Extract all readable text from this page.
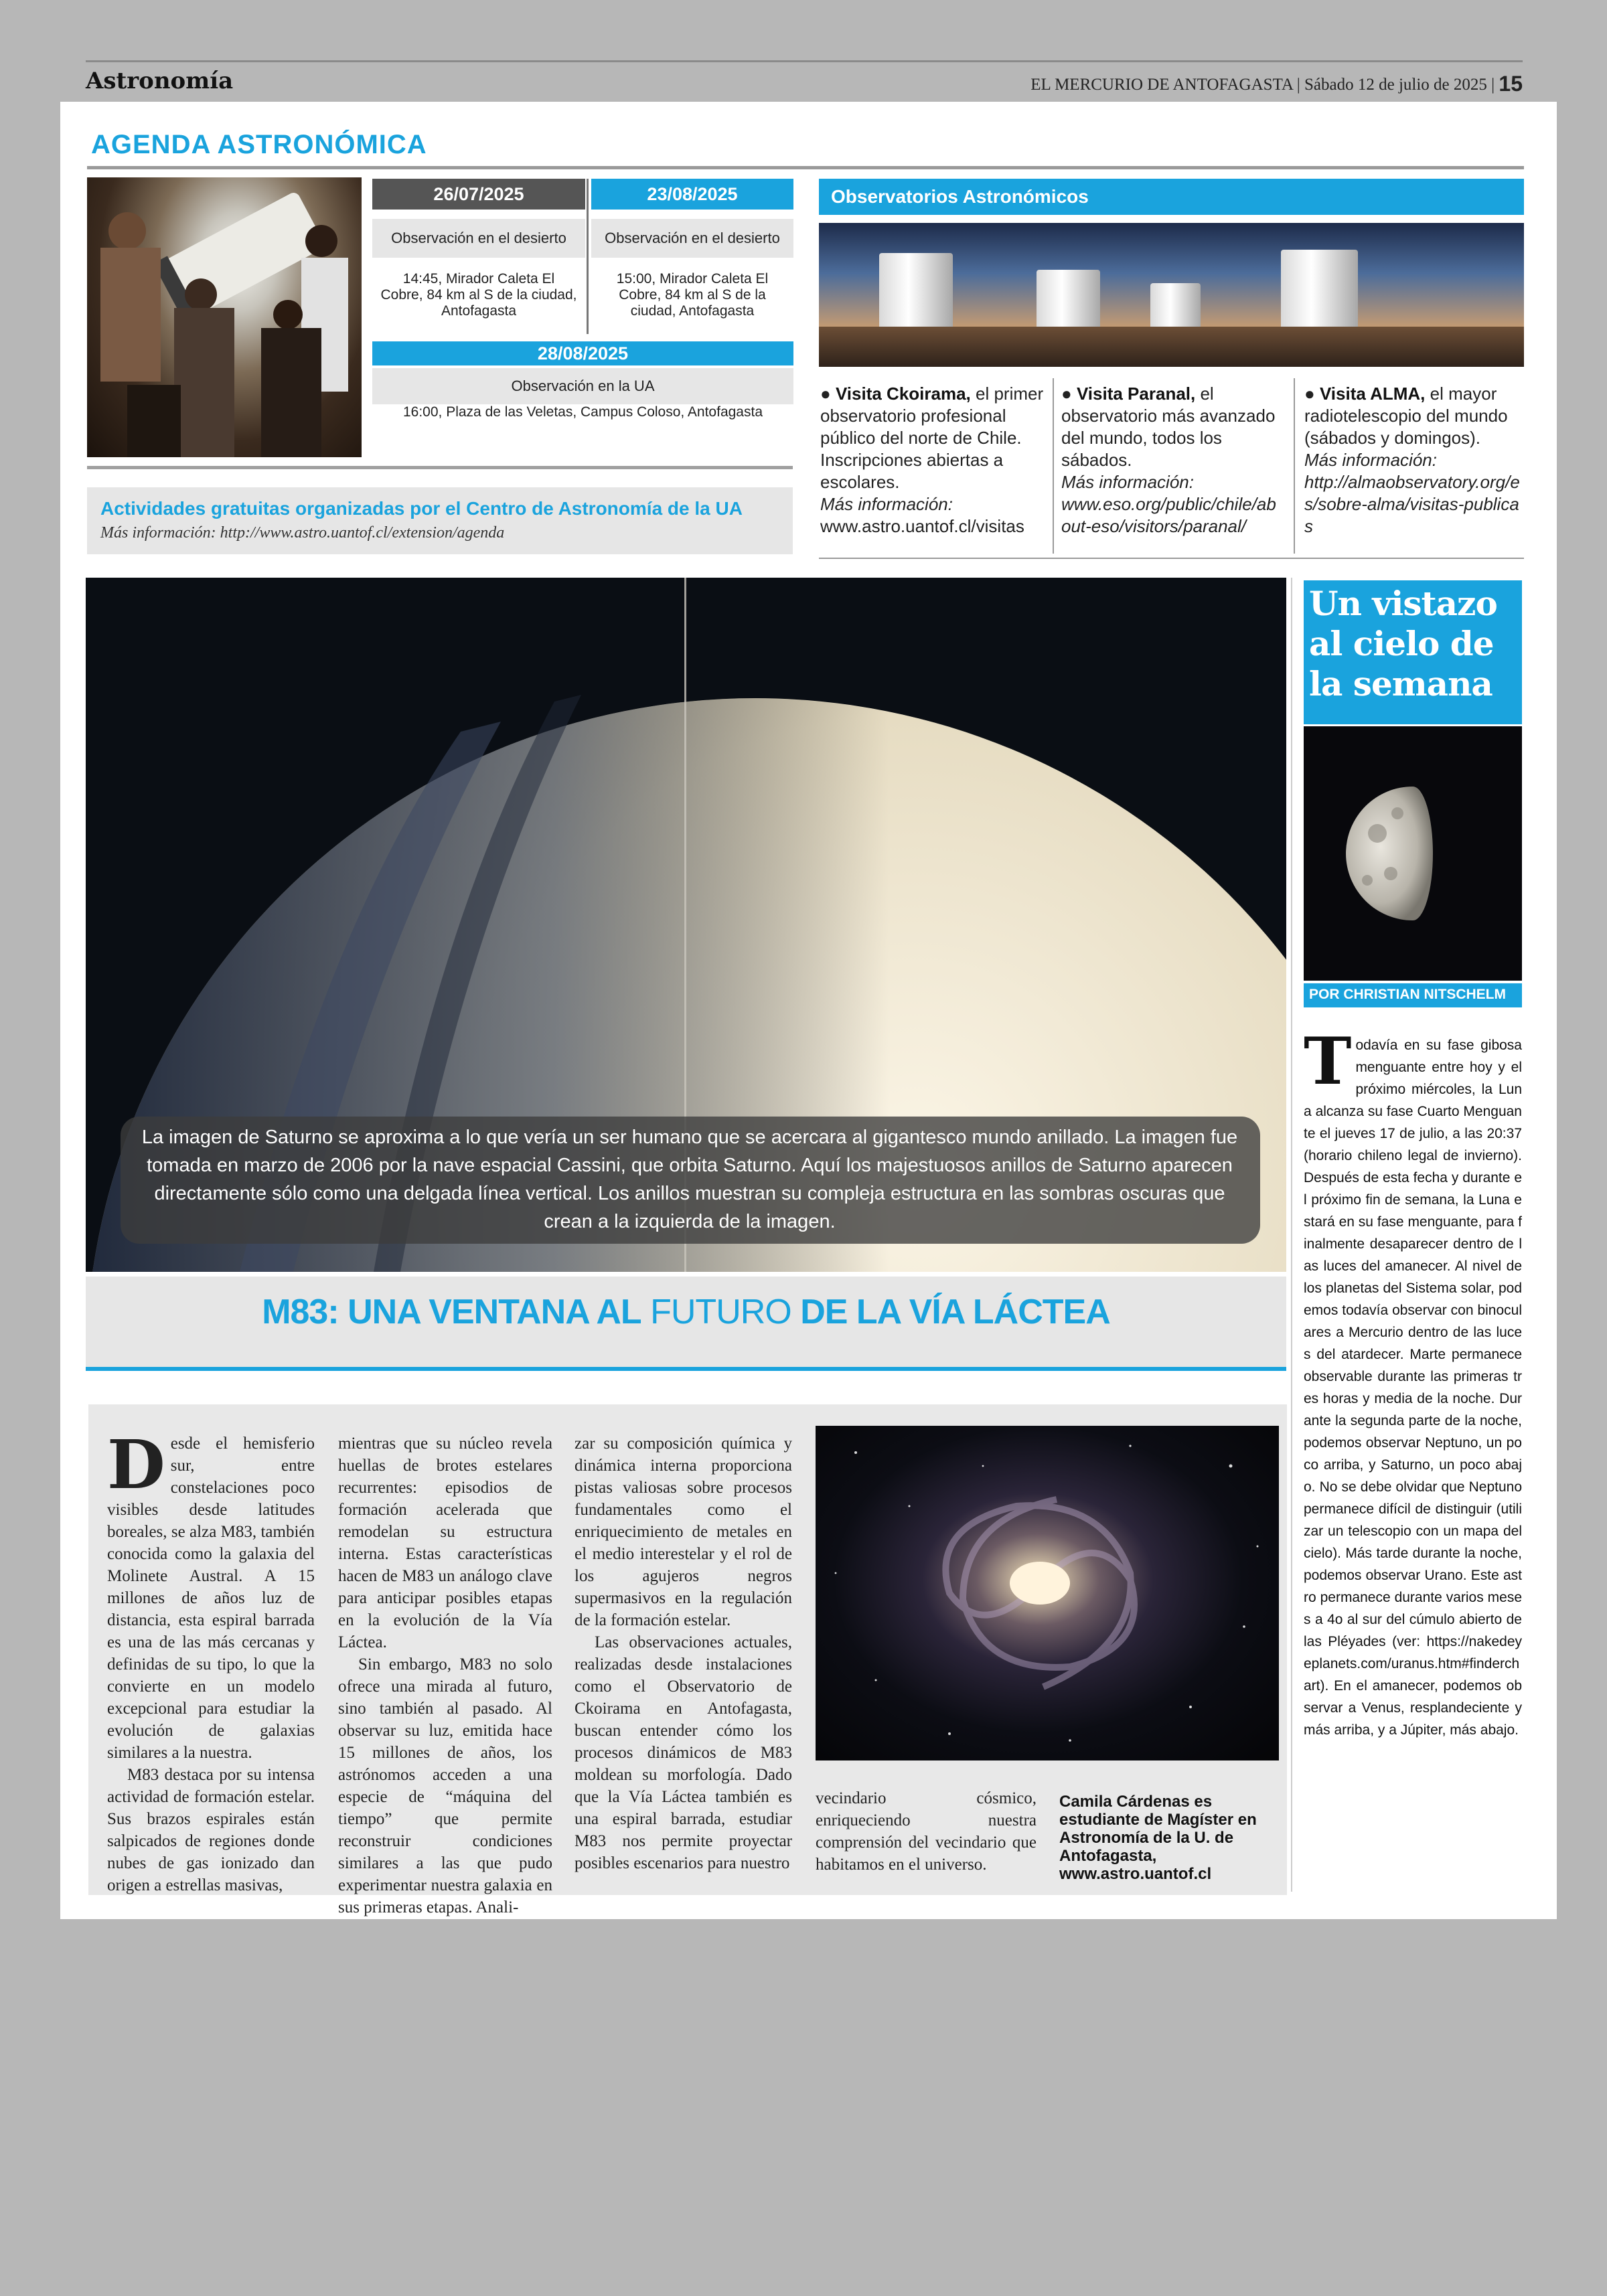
Astronomía	EL MERCURIO DE ANTOFAGASTA | Sábado 12 de julio de 2025 | 15
AGENDA ASTRONÓMICA
26/07/2025
Observación en el desierto
14:45, Mirador Caleta El Cobre, 84 km al S de la ciudad, Antofagasta
23/08/2025
Observación en el desierto
15:00, Mirador Caleta El Cobre, 84 km al S de la ciudad, Antofagasta
28/08/2025
Observación en la UA
16:00, Plaza de las Veletas, Campus Coloso, Antofagasta
Actividades gratuitas organizadas por el Centro de Astronomía de la UA
Más información: http://www.astro.uantof.cl/extension/agenda
Observatorios Astronómicos
● Visita Ckoirama, el primer observatorio profesional público del norte de Chile. Inscripciones abiertas a escolares.
Más información:
www.astro.uantof.cl/visitas
● Visita Paranal, el observatorio más avanzado del mundo, todos los sábados.
Más información:
www.eso.org/public/chile/about-eso/visitors/paranal/
● Visita ALMA, el mayor radiotelescopio del mundo (sábados y domingos).
Más información:
http://almaobservatory.org/es/sobre-alma/visitas-publicas
La imagen de Saturno se aproxima a lo que vería un ser humano que se acercara al gigantesco mundo anillado. La imagen fue tomada en marzo de 2006 por la nave espacial Cassini, que orbita Saturno. Aquí los majestuosos anillos de Saturno aparecen directamente sólo como una delgada línea vertical. Los anillos muestran su compleja estructura en las sombras oscuras que crean a la izquierda de la imagen.
M83: UNA VENTANA AL FUTURO DE LA VÍA LÁCTEA

Desde el hemisferio sur, entre constelaciones poco visibles desde latitudes boreales, se alza M83, también conocida como la galaxia del Molinete Austral. A 15 millones de años luz de distancia, esta espiral barrada es una de las más cercanas y definidas de su tipo, lo que la convierte en un modelo excepcional para estudiar la evolución de galaxias similares a la nuestra.

M83 destaca por su intensa actividad de formación estelar. Sus brazos espirales están salpicados de regiones donde nubes de gas ionizado dan origen a estrellas masivas,

mientras que su núcleo revela huellas de brotes estelares recurrentes: episodios de formación acelerada que remodelan su estructura interna. Estas características hacen de M83 un análogo clave para anticipar posibles etapas en la evolución de la Vía Láctea.

Sin embargo, M83 no solo ofrece una mirada al futuro, sino también al pasado. Al observar su luz, emitida hace 15 millones de años, los astrónomos acceden a una especie de “máquina del tiempo” que permite reconstruir condiciones similares a las que pudo experimentar nuestra galaxia en sus primeras etapas. Anali-

zar su composición química y dinámica interna proporciona pistas valiosas sobre procesos fundamentales como el enriquecimiento de metales en el medio interestelar y el rol de los agujeros negros supermasivos en la regulación de la formación estelar.

Las observaciones actuales, realizadas desde instalaciones como el Observatorio de Ckoirama en Antofagasta, buscan entender cómo los procesos dinámicos de M83 moldean su morfología. Dado que la Vía Láctea también es una espiral barrada, estudiar M83 nos permite proyectar posibles escenarios para nuestro

vecindario cósmico, enriqueciendo nuestra comprensión del vecindario que habitamos en el universo.

Camila Cárdenas es estudiante de Magíster en Astronomía de la U. de Antofagasta, www.astro.uantof.cl
Un vistazo al cielo de la semana
POR CHRISTIAN NITSCHELM
Todavía en su fase gibosa menguante entre hoy y el próximo miércoles, la Luna alcanza su fase Cuarto Menguante el jueves 17 de julio, a las 20:37 (horario chileno legal de invierno). Después de esta fecha y durante el próximo fin de semana, la Luna estará en su fase menguante, para finalmente desaparecer dentro de las luces del amanecer. Al nivel de los planetas del Sistema solar, podemos todavía observar con binoculares a Mercurio dentro de las luces del atardecer. Marte permanece observable durante las primeras tres horas y media de la noche. Durante la segunda parte de la noche, podemos observar Neptuno, un poco arriba, y Saturno, un poco abajo. No se debe olvidar que Neptuno permanece difícil de distinguir (utilizar un telescopio con un mapa del cielo). Más tarde durante la noche, podemos observar Urano. Este astro permanece durante varios meses a 4o al sur del cúmulo abierto de las Pléyades (ver: https://nakedeyeplanets.com/uranus.htm#finderchart). En el amanecer, podemos observar a Venus, resplandeciente y más arriba, y a Júpiter, más abajo.
